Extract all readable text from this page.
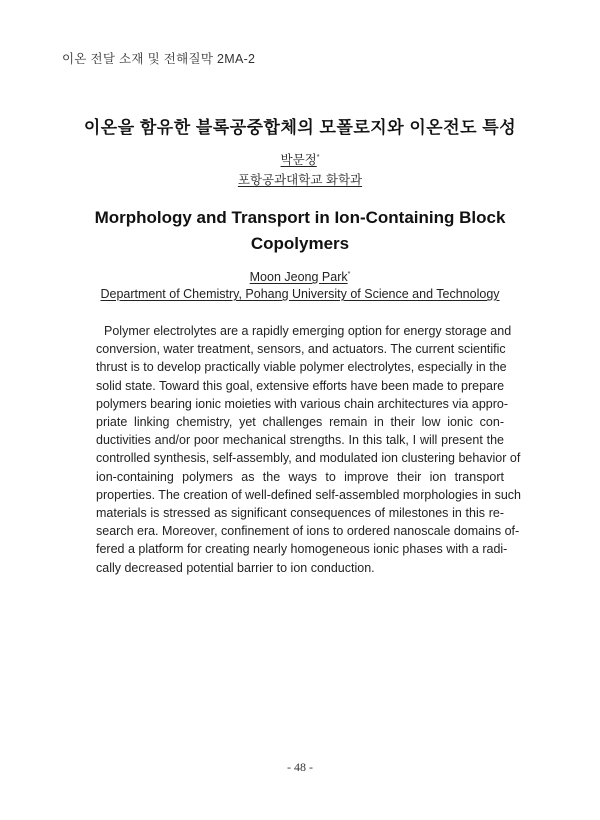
이온 전달 소재 및 전해질막 2MA-2
이온을 함유한 블록공중합체의 모폴로지와 이온전도 특성
박문정*
포항공과대학교 화학과
Morphology and Transport in Ion-Containing Block
Copolymers
Moon Jeong Park*
Department of Chemistry, Pohang University of Science and Technology
Polymer electrolytes are a rapidly emerging option for energy storage and
conversion, water treatment, sensors, and actuators. The current scientific
thrust is to develop practically viable polymer electrolytes, especially in the
solid state. Toward this goal, extensive efforts have been made to prepare
polymers bearing ionic moieties with various chain architectures via appro-
priate linking chemistry, yet challenges remain in their low ionic con-
ductivities and/or poor mechanical strengths. In this talk, I will present the
controlled synthesis, self-assembly, and modulated ion clustering behavior of
ion-containing polymers as the ways to improve their ion transport
properties. The creation of well-defined self-assembled morphologies in such
materials is stressed as significant consequences of milestones in this re-
search era. Moreover, confinement of ions to ordered nanoscale domains of-
fered a platform for creating nearly homogeneous ionic phases with a radi-
cally decreased potential barrier to ion conduction.
- 48 -
